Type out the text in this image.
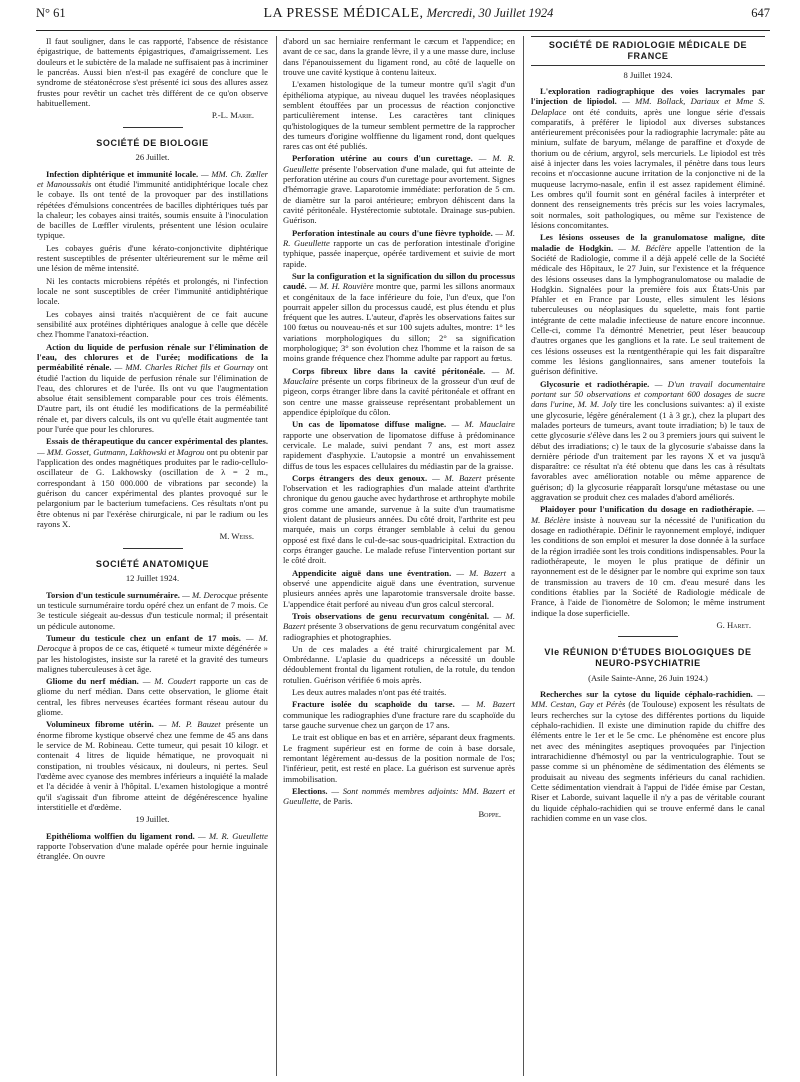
N° 61	LA PRESSE MÉDICALE, Mercredi, 30 Juillet 1924	647

Il faut souligner, dans le cas rapporté, l'absence de résistance épigastrique, de battements épigastriques, d'amaigrissement. Les douleurs et le subictère de la malade ne suffisaient pas à incriminer le pancréas. Aussi bien n'est-il pas exagéré de conclure que le syndrome de stéatonécrose s'est présenté ici sous des allures assez frustes pour revêtir un cachet très différent de ce qu'on observe habituellement.

P.-L. Marie.
SOCIÉTÉ DE BIOLOGIE
26 Juillet.

Infection diphtérique et immunité locale. — MM. Ch. Zœller et Manoussakis ont étudié l'immunité antidiphtérique locale chez le cobaye. Ils ont tenté de la provoquer par des instillations répétées d'émulsions concentrées de bacilles diphtériques tués par la chaleur; les cobayes ainsi traités, soumis ensuite à l'inoculation de bacilles de Lœffler virulents, présentent une lésion oculaire typique.

Les cobayes guéris d'une kérato-conjonctivite diphtérique restent susceptibles de présenter ultérieurement sur le même œil une lésion de même intensité.

Ni les contacts microbiens répétés et prolongés, ni l'infection locale ne sont susceptibles de créer l'immunité antidiphtérique locale.

Les cobayes ainsi traités n'acquièrent de ce fait aucune sensibilité aux protéines diphtériques analogue à celle que décèle chez l'homme l'anatoxi-réaction.

Action du liquide de perfusion rénale sur l'élimination de l'eau, des chlorures et de l'urée; modifications de la perméabilité rénale. — MM. Charles Richet fils et Gournay ont étudié l'action du liquide de perfusion rénale sur l'élimination de l'eau, des chlorures et de l'urée. Ils ont vu que l'augmentation absolue était sensiblement comparable pour ces trois éléments. D'autre part, ils ont étudié les modifications de la perméabilité rénale et, par divers calculs, ils ont vu qu'elle était augmentée tant pour l'urée que pour les chlorures.

Essais de thérapeutique du cancer expérimental des plantes. — MM. Gosset, Gutmann, Lakhowski et Magrou ont pu obtenir par l'application des ondes magnétiques produites par le radio-cellulo-oscillateur de G. Lakhowsky (oscillation de λ = 2 m., correspondant à 150 000.000 de vibrations par seconde) la guérison du cancer expérimental des plantes provoqué sur le pelargonium par le bacterium tumefaciens. Ces résultats n'ont pu être obtenus ni par l'exérèse chirurgicale, ni par le radium ou les rayons X.

M. Weiss.
SOCIÉTÉ ANATOMIQUE
12 Juillet 1924.

Torsion d'un testicule surnuméraire. — M. Derocque présente un testicule surnuméraire tordu opéré chez un enfant de 7 mois. Ce 3e testicule siégeait au-dessus d'un testicule normal; il présentait un pédicule autonome.

Tumeur du testicule chez un enfant de 17 mois. — M. Derocque à propos de ce cas, étiqueté « tumeur mixte dégénérée » par les histologistes, insiste sur la rareté et la gravité des tumeurs malignes tuberculeuses à cet âge.

Gliome du nerf médian. — M. Coudert rapporte un cas de gliome du nerf médian. Dans cette observation, le gliome était central, les fibres nerveuses écartées formant réseau autour du gliome.

Volumineux fibrome utérin. — M. P. Bauzet présente un énorme fibrome kystique observé chez une femme de 45 ans dans le service de M. Robineau. Cette tumeur, qui pesait 10 kilogr. et contenait 4 litres de liquide hématique, ne provoquait ni constipation, ni troubles vésicaux, ni douleurs, ni pertes. Seul l'œdème avec cyanose des membres inférieurs a inquiété la malade et l'a décidée à venir à l'hôpital. L'examen histologique a montré qu'il s'agissait d'un fibrome atteint de dégénérescence hyaline interstitielle et d'œdème.

19 Juillet.

Epithélioma wolffien du ligament rond. — M. R. Gueullette rapporte l'observation d'une malade opérée pour hernie inguinale étranglée. On ouvre

d'abord un sac herniaire renfermant le cæcum et l'appendice; en avant de ce sac, dans la grande lèvre, il y a une masse dure, incluse dans l'épanouissement du ligament rond, au côté de laquelle on trouve une cavité kystique à contenu laiteux.

L'examen histologique de la tumeur montre qu'il s'agit d'un épithélioma atypique, au niveau duquel les travées néoplasiques semblent étouffées par un processus de réaction conjonctive particulièrement intense. Les caractères tant cliniques qu'histologiques de la tumeur semblent permettre de la rapprocher des tumeurs d'origine wolffienne du ligament rond, dont quelques rares cas ont été publiés.

Perforation utérine au cours d'un curettage. — M. R. Gueullette présente l'observation d'une malade, qui fut atteinte de perforation utérine au cours d'un curettage pour avortement. Signes d'hémorragie grave. Laparotomie immédiate: perforation de 5 cm. de diamètre sur la paroi antérieure; embryon déhiscent dans la cavité péritonéale. Hystérectomie subtotale. Drainage sus-pubien. Guérison.

Perforation intestinale au cours d'une fièvre typhoïde. — M. R. Gueullette rapporte un cas de perforation intestinale d'origine typhique, passée inaperçue, opérée tardivement et suivie de mort rapide.

Sur la configuration et la signification du sillon du processus caudé. — M. H. Rouvière montre que, parmi les sillons anormaux et congénitaux de la face inférieure du foie, l'un d'eux, que l'on pourrait appeler sillon du processus caudé, est plus étendu et plus fréquent que les autres. L'auteur, d'après les observations faites sur 100 fœtus ou nouveau-nés et sur 100 sujets adultes, montre: 1° les variations morphologiques du sillon; 2° sa signification morphologique; 3° son évolution chez l'homme et la raison de sa moins grande fréquence chez l'homme adulte par rapport au fœtus.

Corps fibreux libre dans la cavité péritonéale. — M. Mauclaire présente un corps fibrineux de la grosseur d'un œuf de pigeon, corps étranger libre dans la cavité péritonéale et offrant en son centre une masse graisseuse représentant probablement un appendice épiploïque du côlon.

Un cas de lipomatose diffuse maligne. — M. Mauclaire rapporte une observation de lipomatose diffuse à prédominance cervicale. Le malade, suivi pendant 7 ans, est mort assez rapidement d'asphyxie. L'autopsie a montré un envahissement diffus de tous les espaces cellulaires du médiastin par de la graisse.

Corps étrangers des deux genoux. — M. Bazert présente l'observation et les radiographies d'un malade atteint d'arthrite chronique du genou gauche avec hydarthrose et arthrophyte mobile gros comme une amande, survenue à la suite d'un traumatisme violent datant de plusieurs années. Du côté droit, l'arthrite est peu marquée, mais un corps étranger semblable à celui du genou opposé est fixé dans le cul-de-sac sous-quadricipital. Extraction du corps étranger gauche. Le malade refuse l'intervention portant sur le côté droit.

Appendicite aiguë dans une éventration. — M. Bazert a observé une appendicite aiguë dans une éventration, survenue plusieurs années après une laparotomie transversale droite basse. L'appendice était perforé au niveau d'un gros calcul stercoral.

Trois observations de genu recurvatum congénital. — M. Bazert présente 3 observations de genu recurvatum congénital avec radiographies et photographies.

Un de ces malades a été traité chirurgicalement par M. Ombrédanne. L'aplasie du quadriceps a nécessité un double dédoublement frontal du ligament rotulien, de la rotule, du tendon rotulien. Guérison vérifiée 6 mois après.

Les deux autres malades n'ont pas été traités.

Fracture isolée du scaphoïde du tarse. — M. Bazert communique les radiographies d'une fracture rare du scaphoïde du tarse gauche survenue chez un garçon de 17 ans.

Le trait est oblique en bas et en arrière, séparant deux fragments. Le fragment supérieur est en forme de coin à base dorsale, remontant légèrement au-dessus de la position normale de l'os; l'inférieur, petit, est resté en place. La guérison est survenue après immobilisation.

Elections. — Sont nommés membres adjoints: MM. Bazert et Gueullette, de Paris.

Boppe.
SOCIÉTÉ DE RADIOLOGIE MÉDICALE DE FRANCE
8 Juillet 1924.

L'exploration radiographique des voies lacrymales par l'injection de lipiodol. — MM. Bollack, Dariaux et Mme S. Delaplace ont été conduits, après une longue série d'essais comparatifs, à préférer le lipiodol aux diverses substances antérieurement préconisées pour la radiographie lacrymale: pâte au minium, sulfate de baryum, mélange de paraffine et d'oxyde de thorium ou de cérium, argyrol, sels mercuriels. Le lipiodol est très aisé à injecter dans les voies lacrymales, il pénètre dans tous leurs recoins et n'occasionne aucune irritation de la conjonctive ni de la muqueuse lacrymo-nasale, enfin il est assez rapidement éliminé. Les ombres qu'il fournit sont en général faciles à interpréter et donnent des renseignements très précis sur les voies lacrymales, soit normales, soit pathologiques, ou même sur l'existence de lésions concomitantes.

Les lésions osseuses de la granulomatose maligne, dite maladie de Hodgkin. — M. Béclère appelle l'attention de la Société de Radiologie, comme il a déjà appelé celle de la Société médicale des Hôpitaux, le 27 Juin, sur l'existence et la fréquence des lésions osseuses dans la lymphogranulomatose ou maladie de Hodgkin. Signalées pour la première fois aux États-Unis par Pfahler et en France par Louste, elles simulent les lésions tuberculeuses ou néoplasiques du squelette, mais font partie intégrante de cette maladie infectieuse de nature encore inconnue. Celle-ci, comme l'a démontré Menetrier, peut léser beaucoup d'autres organes que les ganglions et la rate. Le seul traitement de ces lésions osseuses est la rœntgenthérapie qui les fait disparaître comme les lésions ganglionnaires, sans amener toutefois la guérison définitive.

Glycosurie et radiothérapie. — D'un travail documentaire portant sur 50 observations et comportant 600 dosages de sucre dans l'urine, M. M. Joly tire les conclusions suivantes: a) il existe une glycosurie, légère généralement (1 à 3 gr.), chez la plupart des malades porteurs de tumeurs, avant toute irradiation; b) le taux de cette glycosurie s'élève dans les 2 ou 3 premiers jours qui suivent le début des irradiations; c) le taux de la glycosurie s'abaisse dans la dernière période d'un traitement par les rayons X et va jusqu'à disparaître: ce résultat n'a été obtenu que dans les cas à résultats favorables avec amélioration notable ou même apparence de guérison; d) la glycosurie réapparaît lorsqu'une métastase ou une aggravation se produit chez ces malades d'abord améliorés.

Plaidoyer pour l'unification du dosage en radiothérapie. — M. Béclère insiste à nouveau sur la nécessité de l'unification du dosage en radiothérapie. Définir le rayonnement employé, indiquer les conditions de son emploi et mesurer la dose donnée à la surface de la région irradiée sont les trois conditions indispensables. Pour la radiothérapeute, le moyen le plus pratique de définir un rayonnement est de le désigner par le nombre qui exprime son taux de transmission au travers de 10 cm. d'eau mesuré dans les conditions établies par la Société de Radiologie médicale de France, à l'aide de l'ionomètre de Solomon; le même instrument indique la dose superficielle.

G. Haret.
VIe RÉUNION D'ÉTUDES BIOLOGIQUES DE NEURO-PSYCHIATRIE
(Asile Sainte-Anne, 26 Juin 1924.)

Recherches sur la cytose du liquide céphalo-rachidien. — MM. Cestan, Gay et Pérès (de Toulouse) exposent les résultats de leurs recherches sur la cytose des différentes portions du liquide céphalo-rachidien. Il existe une diminution rapide du chiffre des éléments entre le 1er et le 5e cmc. Le phénomène est encore plus net avec des méningites aseptiques provoquées par l'injection intrarachidienne d'hémostyl ou par la ventriculographie. Tout se passe comme si un phénomène de sédimentation des éléments se produisait au niveau des segments inférieurs du canal rachidien. Cette sédimentation viendrait à l'appui de l'idée émise par Cestan, Riser et Laborde, suivant laquelle il n'y a pas de véritable courant du liquide céphalo-rachidien qui se trouve enfermé dans le canal rachidien comme en un vase clos.
